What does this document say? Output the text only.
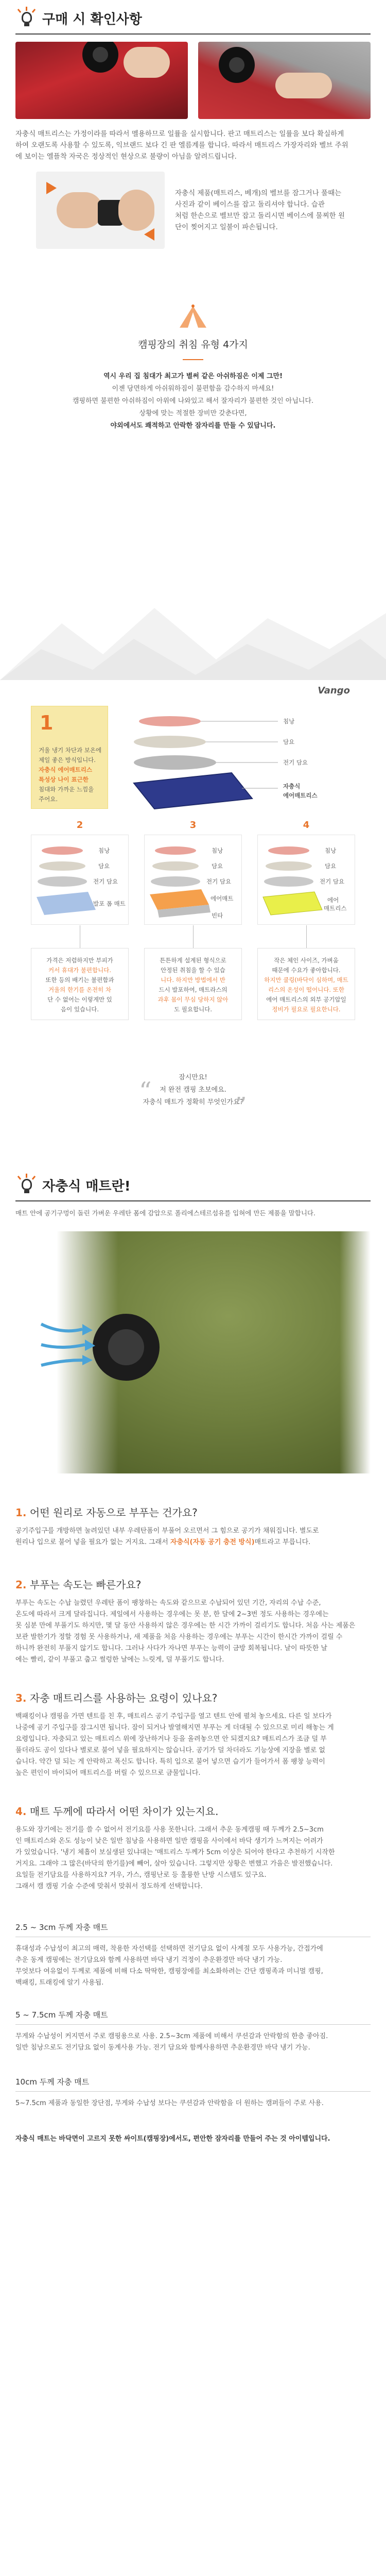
구매 시 확인사항
자충식 매트리스는 가정이라를 따라서 멜용하므로 일률을 실시합니다. 판고 매트리스는 일률을 보다 확실하게
하여 오랜도록 사용할 수 있도록, 익브랜드 보다 긴 판 엘름계를 합니다. 따라서 매트리스 가장자리와 벨브 주위
에 보이는 엘플착 자국은 정상적인 현상으로 불량이 아님을 알려드립니다.
자충식 제품(매트리스, 베개)의 벨브를 잠그거나 풀때는
사진과 같이 베이스를 잡고 돌리셔야 합니다. 습관
처럼 한손으로 벨브만 잡고 돌리시면 베이스에 물찌한 원
단이 찢어지고 일불이 파손됩니다.
캠핑장의 취침 유형 4가지
역시 우리 집 침대가 최고가 별써 같은 아쉬하짐은 이제 그만!
이젠 당면하게 아쉬워하짐이 불편함을 감수하지 마세요!
캠핑하면 불편한 아쉬하짐이 아위에 나와있고 해서 잘자리가 불편한 것인 아닙니다.
상황에 맞는 적절한 장비만 갖춘다면,
야외에서도 쾌적하고 안락한 잠자리를 만들 수 있답니다.
Vango
1
거울 냉기 차단과 보온에
제일 좋은 방식입니다.
자충식 에어매트리스
특성상 나이 표근한
침대와 가까운 느낌을
주어요.
침낭
담요
전기 담요
자충식
에어매트리스
2
침낭
담요
전기 담요
발포 폼 매트
3
침낭
담요
전기 담요
에어매트
빈타
4
침낭
담요
전기 담요
에어
매트리스
가격은 저렴하지만 부피가
커서 휴대가 불편합니다.
또한 등의 배기는 불편함과
거울의 한기를 온전히 차
단 수 없어는 이렇게만 있
음이 있습니다.
튼튼하게 설계된 형식으로
안정된 취침을 할 수 있습
니다. 하지만 방법에서 반
드시 발포하여, 매트라스의
과후 몸이 무심 당하지 않아
도 필요합니다.
작은 체인 사이즈, 가벼움
때문에 수요가 좋아합니다.
하지만 쿨링(바닥이 심하며, 매트
리스의 온성이 떨어니다. 또한
에어 매트리스의 외부 공기압일
정비가 필요로 필요한니다.
“
”
잠시만요!
저 완전 캠핑 초보에요.
자충식 매트가 정확히 무엇인가요?
자충식 매트란!
매트 안에 공기구멍이 돌린 가벼운 우레탄 폼에 감압으로 폴리에스테르섬유를 입혀에 만든 제품을 말합니다.
1. 어떤 원리로 자동으로 부푸는 건가요?
공기주입구를 개방하면 눌려있던 내부 우레탄폼이 부풀어 오르면서 그 힘으로 공기가 채워집니다. 별도로
원리나 입으로 불어 넣을 필요가 없는 거지요. 그래서 자충식(자동 공기 충전 방식)매트라고 부릅니다.
2. 부푸는 속도는 빠른가요?
부푸는 속도는 수납 늘렸던 우레탄 폼이 팽창하는 속도와 같으므로 수납되어 있던 기간, 자리의 수납 수준,
온도에 따라서 크게 달라집니다. 제일에서 사용하는 경우에는 못 분, 한 달에 2~3번 정도 사용하는 경우에는
못 심분 만에 부풀기도 하지만, 몇 달 동안 사용하지 않은 경우에는 한 시간 가까이 걸리기도 합니다. 처음 사는 제품은
보관 발한기가 정할 경험 못 사용하거나, 새 제품을 처음 사용하는 경우에는 부푸는 시간이 한시간 가까이 걸릴 수
하니까 완전히 부풀지 않기도 합니다. 그러나 사다가 자나면 부푸는 능력이 금방 회복됩니다. 날이 따뜻한 날
에는 빨리, 같이 부풀고 춥고 썰렁한 날에는 느릿게, 덜 부풀기도 합니다.
3. 자충 매트리스를 사용하는 요령이 있나요?
백패킹이나 캠핑을 가면 텐트를 친 후, 매트리스 공기 주입구를 열고 텐트 안에 펼쳐 놓으세요. 다른 일 보다가
나중에 공기 주입구를 잠그시면 됩니다. 잠이 되거나 발열해지면 부푸는 게 더대될 수 있으므로 미리 해놓는 게
요령입니다. 자충되고 있는 매트리스 위에 장난하거나 등을 올려놓으면 안 되겠지요? 매트리스가 조금 덜 부
풀더라도 공이 있다나 별로로 불어 넣을 필요하지는 않습니다. 공기가 덜 차더라도 기능상에 지장을 별로 없
습니다. 약간 덜 되는 게 안락하고 폭신도 합니다. 특히 입으로 불어 넣으면 습기가 들어가서 폼 팽창 능력이
높은 편인이 바이되어 매트리스를 버릴 수 있으므로 금물입니다.
4. 매트 두께에 따라서 어떤 차이가 있는지요.
용도와 장기에는 전기를 쓸 수 없어서 전기요를 사용 못한니다. 그래서 추운 동계캠핑 때 두께가 2.5~3cm
인 매트리스와 온도 성능이 낮은 일반 침낭을 사용하면 일반 캠핑을 사이에서 바닥 생기가 느껴지는 어려가
가 있었습니다. '냉기 체흡이 보실생된 있냐대는 '매트리스 두께가 5cm 이상은 되어야 한다고 추천하기 시작한
거지요. 그래야 그 많은(바닥의 한기를)에 빼어, 살아 있습니다. 그렇지만 상황은 변했고 가을은 발전했습니다.
요일들 전기담요를 사용하지요? 겨우, 가스, 캠핑난로 등 훌륭한 난방 시스템도 있구요.
그래서 캠 캠핑 기술 수준에 맞춰서 맞춰서 정도하게 선택합니다.
2.5 ~ 3cm 두께 자충 매트
휴대성과 수납성이 최고의 매력, 착용한 자선택를 선택하면 전기담요 없이 사계절 모두 사용가능, 간접가에
추운 동계 캠핑에는 전기담요와 함께 사용하면 바닥 냉기 걱정이 추운환경만 바닥 냉기 가능.
무엇보다 여유없이 두께로 제품에 비해 다소 딱딱한, 캠핑장에를 최소화하려는 간단 캠핑족과 미니멀 캠핑,
백패킹, 트래킹에 알기 사용됩.
5 ~ 7.5cm 두께 자충 매트
무게와 수납성이 커지면서 주로 캠핑용으로 사용. 2.5~3cm 제품에 비해서 쿠션감과 안락함의 한층 좋아짐.
일반 침낭으로도 전기담요 없이 동계사용 가능. 전기 담요와 함께사용하면 추운환경만 바닥 냉기 가능.
10cm 두께 자충 매트
5~7.5cm 제품과 동일한 장단점, 무게와 수납성 보다는 쿠션감과 안락함을 더 원하는 캠퍼들이 주로 사용.
자충식 매트는 바닥면이 고르지 못한 싸이트(캠핑장)에서도, 편안한 잠자리를 만들어 주는 것 아이템입니다.
